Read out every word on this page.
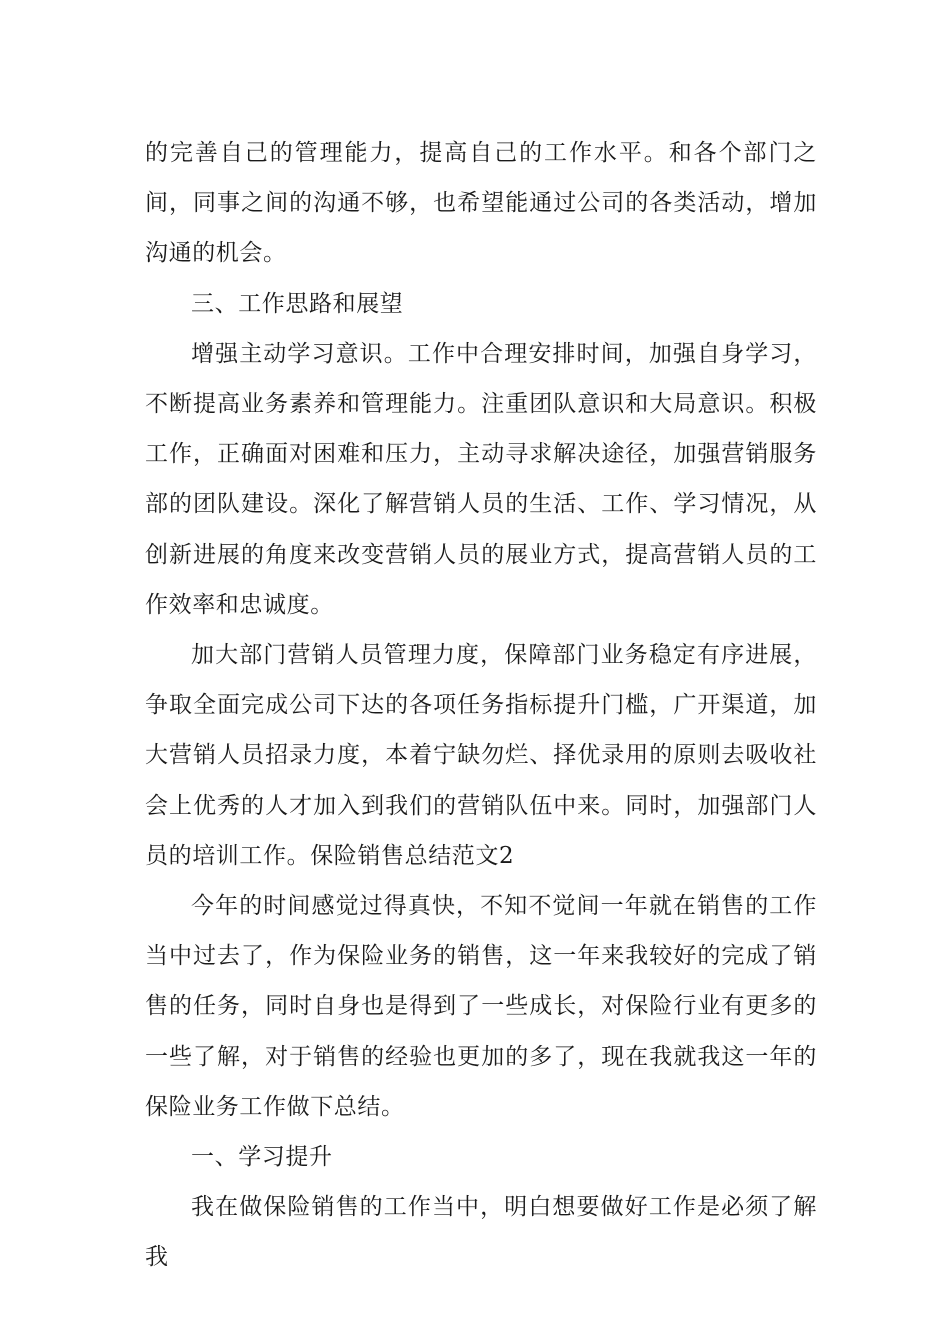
的完善自己的管理能力，提高自己的工作水平。和各个部门之间，同事之间的沟通不够，也希望能通过公司的各类活动，增加沟通的机会。

三、工作思路和展望

增强主动学习意识。工作中合理安排时间，加强自身学习，不断提高业务素养和管理能力。注重团队意识和大局意识。积极工作，正确面对困难和压力，主动寻求解决途径，加强营销服务部的团队建设。深化了解营销人员的生活、工作、学习情况，从创新进展的角度来改变营销人员的展业方式，提高营销人员的工作效率和忠诚度。

加大部门营销人员管理力度，保障部门业务稳定有序进展，争取全面完成公司下达的各项任务指标提升门槛，广开渠道，加大营销人员招录力度，本着宁缺勿烂、择优录用的原则去吸收社会上优秀的人才加入到我们的营销队伍中来。同时，加强部门人员的培训工作。保险销售总结范文2

今年的时间感觉过得真快，不知不觉间一年就在销售的工作当中过去了，作为保险业务的销售，这一年来我较好的完成了销售的任务，同时自身也是得到了一些成长，对保险行业有更多的一些了解，对于销售的经验也更加的多了，现在我就我这一年的保险业务工作做下总结。

一、学习提升

我在做保险销售的工作当中，明白想要做好工作是必须了解我
